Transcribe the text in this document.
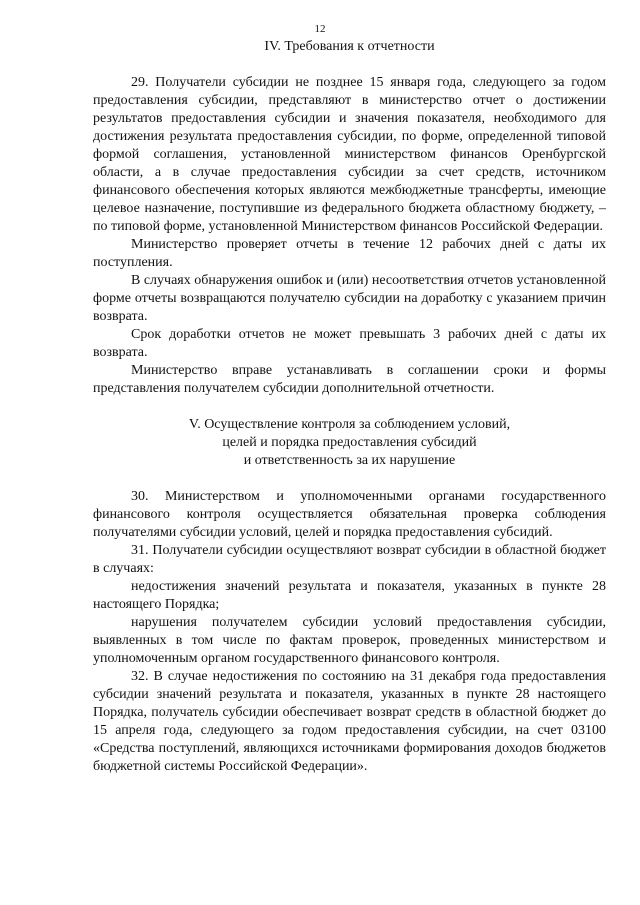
12
IV. Требования к отчетности

29. Получатели субсидии не позднее 15 января года, следующего за годом предоставления субсидии, представляют в министерство отчет о достижении результатов предоставления субсидии и значения показателя, необходимого для достижения результата предоставления субсидии, по форме, определенной типовой формой соглашения, установленной министерством финансов Оренбургской области, а в случае предоставления субсидии за счет средств, источником финансового обеспечения которых являются межбюджетные трансферты, имеющие целевое назначение, поступившие из федерального бюджета областному бюджету, – по типовой форме, установленной Министерством финансов Российской Федерации.

Министерство проверяет отчеты в течение 12 рабочих дней с даты их поступления.

В случаях обнаружения ошибок и (или) несоответствия отчетов установленной форме отчеты возвращаются получателю субсидии на доработку с указанием причин возврата.

Срок доработки отчетов не может превышать 3 рабочих дней с даты их возврата.

Министерство вправе устанавливать в соглашении сроки и формы представления получателем субсидии дополнительной отчетности.

V. Осуществление контроля за соблюдением условий,
целей и порядка предоставления субсидий
и ответственность за их нарушение

30. Министерством и уполномоченными органами государственного финансового контроля осуществляется обязательная проверка соблюдения получателями субсидии условий, целей и порядка предоставления субсидий.

31. Получатели субсидии осуществляют возврат субсидии в областной бюджет в случаях:

недостижения значений результата и показателя, указанных в пункте 28 настоящего Порядка;

нарушения получателем субсидии условий предоставления субсидии, выявленных в том числе по фактам проверок, проведенных министерством и уполномоченным органом государственного финансового контроля.

32. В случае недостижения по состоянию на 31 декабря года предоставления субсидии значений результата и показателя, указанных в пункте 28 настоящего Порядка, получатель субсидии обеспечивает возврат средств в областной бюджет до 15 апреля года, следующего за годом предоставления субсидии, на счет 03100 «Средства поступлений, являющихся источниками формирования доходов бюджетов бюджетной системы Российской Федерации».
